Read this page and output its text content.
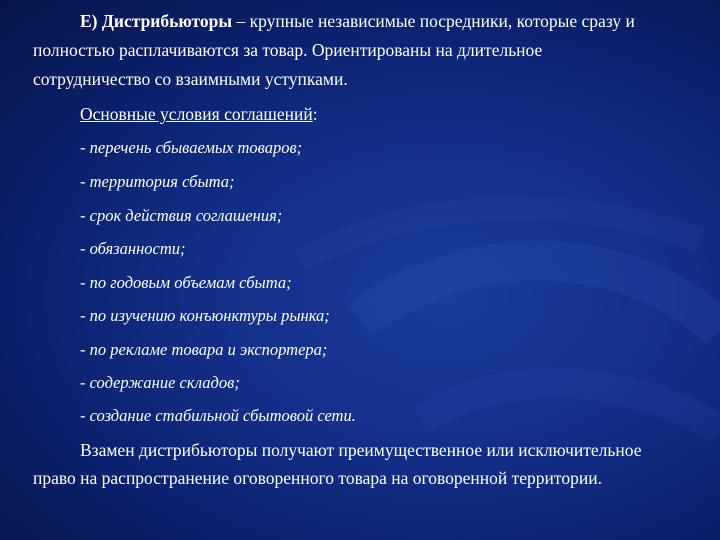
Е) Дистрибьюторы – крупные независимые посредники, которые сразу и
полностью расплачиваются за товар. Ориентированы на длительное
сотрудничество со взаимными уступками.
Основные условия соглашений:
- перечень сбываемых товаров;
- территория сбыта;
- срок действия соглашения;
- обязанности;
- по годовым объемам сбыта;
- по изучению конъюнктуры рынка;
- по рекламе товара и экспортера;
- содержание складов;
- создание стабильной сбытовой сети.
Взамен дистрибьюторы получают преимущественное или исключительное
право на распространение оговоренного товара на оговоренной территории.
